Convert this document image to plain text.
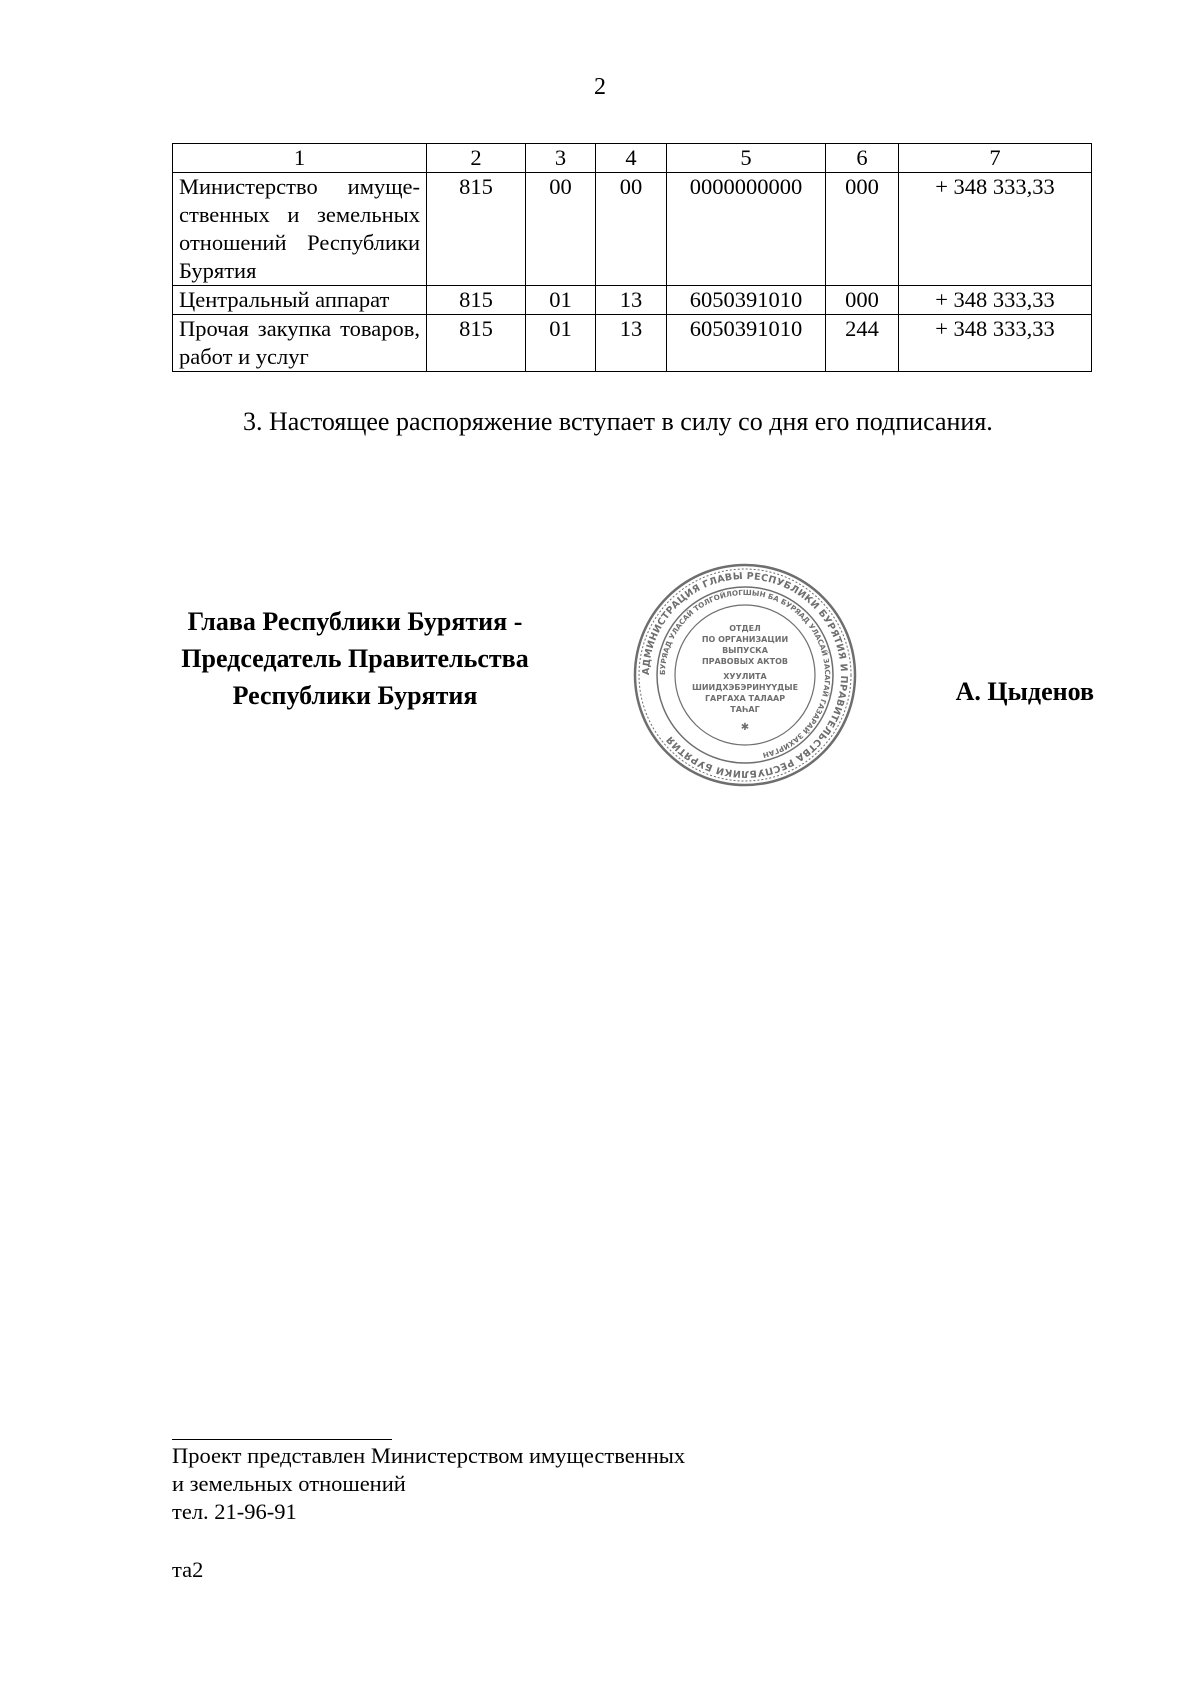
2
1	2	3	4	5	6	7
Министерство имуще- ственных и земельных отношений Республики Бурятия	815	00	00	0000000000	000	+ 348 333,33
Центральный аппарат	815	01	13	6050391010	000	+ 348 333,33
Прочая закупка товаров, работ и услуг	815	01	13	6050391010	244	+ 348 333,33
3. Настоящее распоряжение вступает в силу со дня его подписания.
Глава Республики Бурятия -
Председатель Правительства
Республики Бурятия
АДМИНИСТРАЦИЯ ГЛАВЫ РЕСПУБЛИКИ БУРЯТИЯ И ПРАВИТЕЛЬСТВА РЕСПУБЛИКИ БУРЯТИЯ
БУРЯАД УЛАСАЙ ТОЛГОЙЛОГШЫН БА БУРЯАД УЛАСАЙ ЗАСАГАЙ ГАЗАРАЙ ЗАХИРГАН
ОТДЕЛ
ПО ОРГАНИЗАЦИИ
ВЫПУСКА
ПРАВОВЫХ АКТОВ
ХУУЛИТА
ШИИДХЭБЭРИНҮҮДЫЕ
ГАРГАХА ТАЛААР
ТАҺАГ
✱
А. Цыденов
Проект представлен Министерством имущественных
и земельных отношений
тел. 21-96-91
та2
